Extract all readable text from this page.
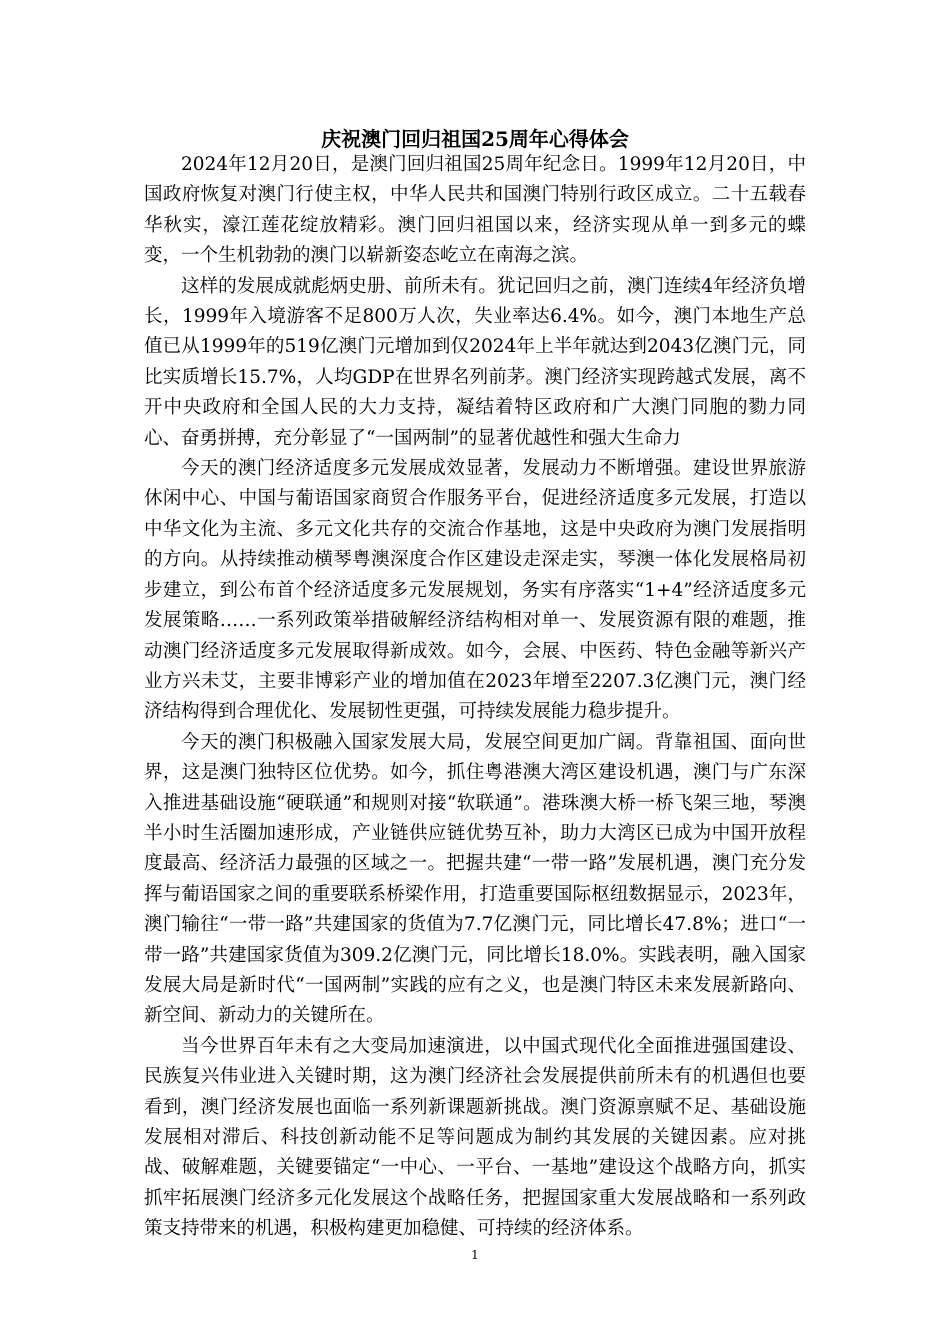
庆祝澳门回归祖国25周年心得体会

2024年12月20日，是澳门回归祖国25周年纪念日。1999年12月20日，中国政府恢复对澳门行使主权，中华人民共和国澳门特别行政区成立。二十五载春华秋实，濠江莲花绽放精彩。澳门回归祖国以来，经济实现从单一到多元的蝶变，一个生机勃勃的澳门以崭新姿态屹立在南海之滨。

这样的发展成就彪炳史册、前所未有。犹记回归之前，澳门连续4年经济负增长，1999年入境游客不足800万人次，失业率达6.4%。如今，澳门本地生产总值已从1999年的519亿澳门元增加到仅2024年上半年就达到2043亿澳门元，同比实质增长15.7%，人均GDP在世界名列前茅。澳门经济实现跨越式发展，离不开中央政府和全国人民的大力支持，凝结着特区政府和广大澳门同胞的勠力同心、奋勇拼搏，充分彰显了“一国两制”的显著优越性和强大生命力

今天的澳门经济适度多元发展成效显著，发展动力不断增强。建设世界旅游休闲中心、中国与葡语国家商贸合作服务平台，促进经济适度多元发展，打造以中华文化为主流、多元文化共存的交流合作基地，这是中央政府为澳门发展指明的方向。从持续推动横琴粤澳深度合作区建设走深走实，琴澳一体化发展格局初步建立，到公布首个经济适度多元发展规划，务实有序落实“1+4”经济适度多元发展策略……一系列政策举措破解经济结构相对单一、发展资源有限的难题，推动澳门经济适度多元发展取得新成效。如今，会展、中医药、特色金融等新兴产业方兴未艾，主要非博彩产业的增加值在2023年增至2207.3亿澳门元，澳门经济结构得到合理优化、发展韧性更强，可持续发展能力稳步提升。

今天的澳门积极融入国家发展大局，发展空间更加广阔。背靠祖国、面向世界，这是澳门独特区位优势。如今，抓住粤港澳大湾区建设机遇，澳门与广东深入推进基础设施“硬联通”和规则对接“软联通”。港珠澳大桥一桥飞架三地，琴澳半小时生活圈加速形成，产业链供应链优势互补，助力大湾区已成为中国开放程度最高、经济活力最强的区域之一。把握共建“一带一路”发展机遇，澳门充分发挥与葡语国家之间的重要联系桥梁作用，打造重要国际枢纽数据显示，2023年，澳门输往“一带一路”共建国家的货值为7.7亿澳门元，同比增长47.8%；进口“一带一路”共建国家货值为309.2亿澳门元，同比增长18.0%。实践表明，融入国家发展大局是新时代“一国两制”实践的应有之义，也是澳门特区未来发展新路向、新空间、新动力的关键所在。

当今世界百年未有之大变局加速演进，以中国式现代化全面推进强国建设、民族复兴伟业进入关键时期，这为澳门经济社会发展提供前所未有的机遇但也要看到，澳门经济发展也面临一系列新课题新挑战。澳门资源禀赋不足、基础设施发展相对滞后、科技创新动能不足等问题成为制约其发展的关键因素。应对挑战、破解难题，关键要锚定“一中心、一平台、一基地”建设这个战略方向，抓实抓牢拓展澳门经济多元化发展这个战略任务，把握国家重大发展战略和一系列政策支持带来的机遇，积极构建更加稳健、可持续的经济体系。

1
